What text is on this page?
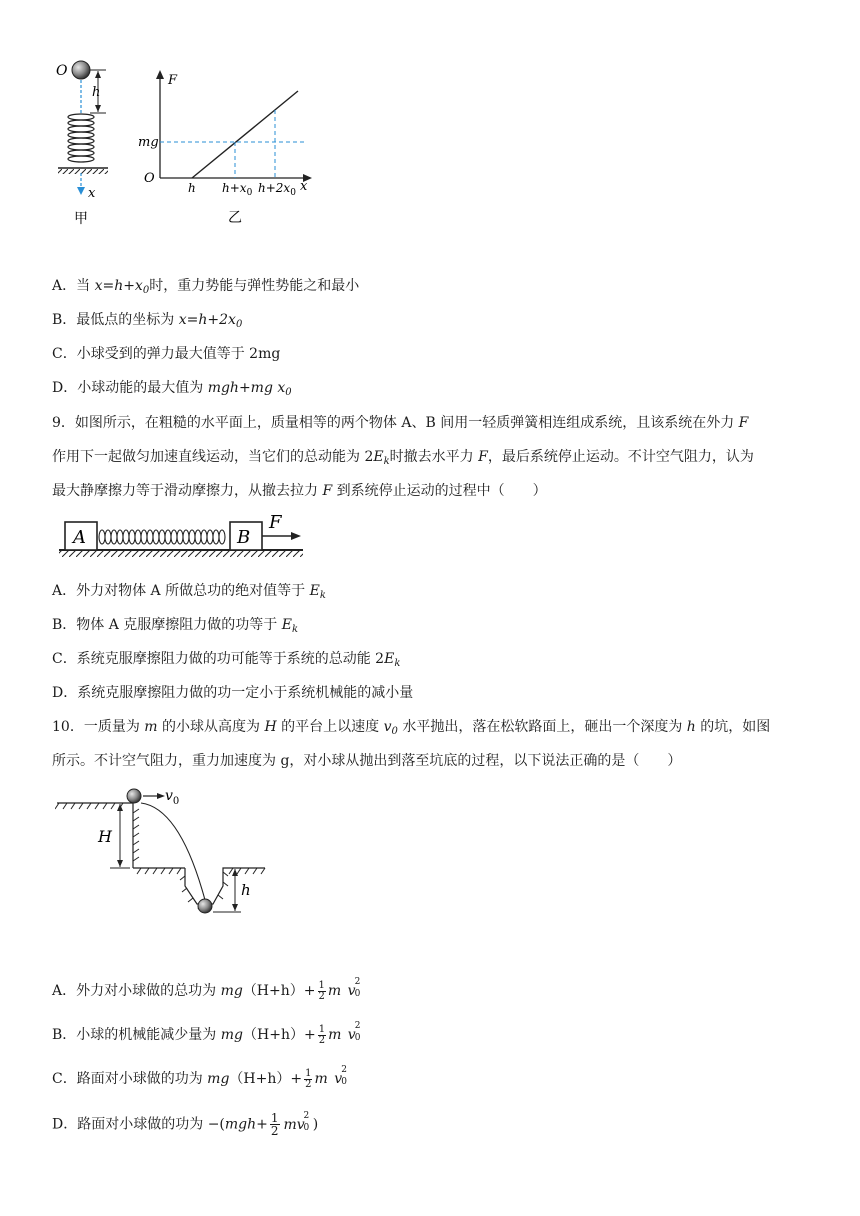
O
h
x
甲
F
O
x
mg
h $h+x_0$ $h+2x_0$
乙
A．当 $x=h+x_0$时，重力势能与弹性势能之和最小
B．最低点的坐标为 $x=h+2x_0$
C．小球受到的弹力最大值等于 2mg
D．小球动能的最大值为 mgh+mg $x_0$
9．如图所示，在粗糙的水平面上，质量相等的两个物体 A、B 间用一轻质弹簧相连组成系统，且该系统在外力 F
作用下一起做匀加速直线运动，当它们的总动能为 $2E_k$时撤去水平力 F，最后系统停止运动。不计空气阻力，认为
最大静摩擦力等于滑动摩擦力，从撤去拉力 F 到系统停止运动的过程中（　　）
A	B
F
A．外力对物体 A 所做总功的绝对值等于 $E_k$
B．物体 A 克服摩擦阻力做的功等于 $E_k$
C．系统克服摩擦阻力做的功可能等于系统的总动能 $2E_k$
D．系统克服摩擦阻力做的功一定小于系统机械能的减小量
10．一质量为 m 的小球从高度为 H 的平台上以速度 $v_0$ 水平抛出，落在松软路面上，砸出一个深度为 h 的坑，如图
所示。不计空气阻力，重力加速度为 g，对小球从抛出到落至坑底的过程，以下说法正确的是（　　）
$v_0$
H
h
A．外力对小球做的总功为 $mg(H+h)+ \frac{1}{2}$ m v
2
0
B．小球的机械能减少量为 $mg(H+h)+ \frac{1}{2}$ m v
2
0
C．路面对小球做的功为 $mg(H+h)+ \frac{1}{2}$ m v
2
0
D．路面对小球做的功为 $-(mgh+ \frac{1}{2}$ mv
2
0 )
